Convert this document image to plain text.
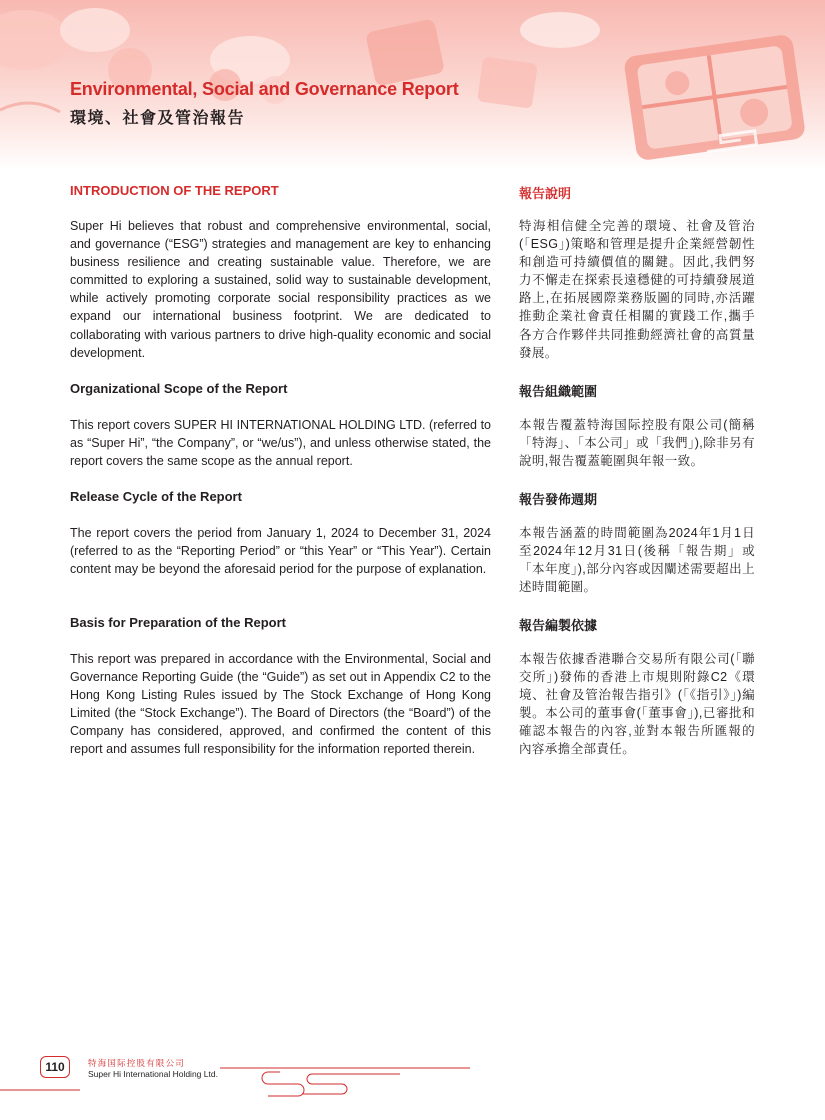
Environmental, Social and Governance Report
環境、社會及管治報告
INTRODUCTION OF THE REPORT	報告說明

Super Hi believes that robust and comprehensive environmental, social, and governance (“ESG”) strategies and management are key to enhancing business resilience and creating sustainable value. Therefore, we are committed to exploring a sustained, solid way to sustainable development, while actively promoting corporate social responsibility practices as we expand our international business footprint. We are dedicated to collaborating with various partners to drive high-quality economic and social development.

特海相信健全完善的環境、社會及管治(「ESG」)策略和管理是提升企業經營韌性和創造可持續價值的關鍵。因此,我們努力不懈走在探索長遠穩健的可持續發展道路上,在拓展國際業務版圖的同時,亦活躍推動企業社會責任相關的實踐工作,攜手各方合作夥伴共同推動經濟社會的高質量發展。

Organizational Scope of the Report	報告組織範圍

This report covers SUPER HI INTERNATIONAL HOLDING LTD. (referred to as “Super Hi”, “the Company”, or “we/us”), and unless otherwise stated, the report covers the same scope as the annual report.

本報告覆蓋特海国际控股有限公司(簡稱「特海」、「本公司」或「我們」),除非另有說明,報告覆蓋範圍與年報一致。

Release Cycle of the Report	報告發佈週期

The report covers the period from January 1, 2024 to December 31, 2024 (referred to as the “Reporting Period” or “this Year” or “This Year”). Certain content may be beyond the aforesaid period for the purpose of explanation.

本報告涵蓋的時間範圍為2024年1月1日至2024年12月31日(後稱「報告期」或「本年度」),部分內容或因闡述需要超出上述時間範圍。

Basis for Preparation of the Report	報告編製依據

This report was prepared in accordance with the Environmental, Social and Governance Reporting Guide (the “Guide”) as set out in Appendix C2 to the Hong Kong Listing Rules issued by The Stock Exchange of Hong Kong Limited (the “Stock Exchange”). The Board of Directors (the “Board”) of the Company has considered, approved, and confirmed the content of this report and assumes full responsibility for the information reported therein.

本報告依據香港聯合交易所有限公司(「聯交所」)發佈的香港上市規則附錄C2《環境、社會及管治報告指引》(「《指引》」)編製。本公司的董事會(「董事會」),已審批和確認本報告的內容,並對本報告所匯報的內容承擔全部責任。

110	特海国际控股有限公司
Super Hi International Holding Ltd.
